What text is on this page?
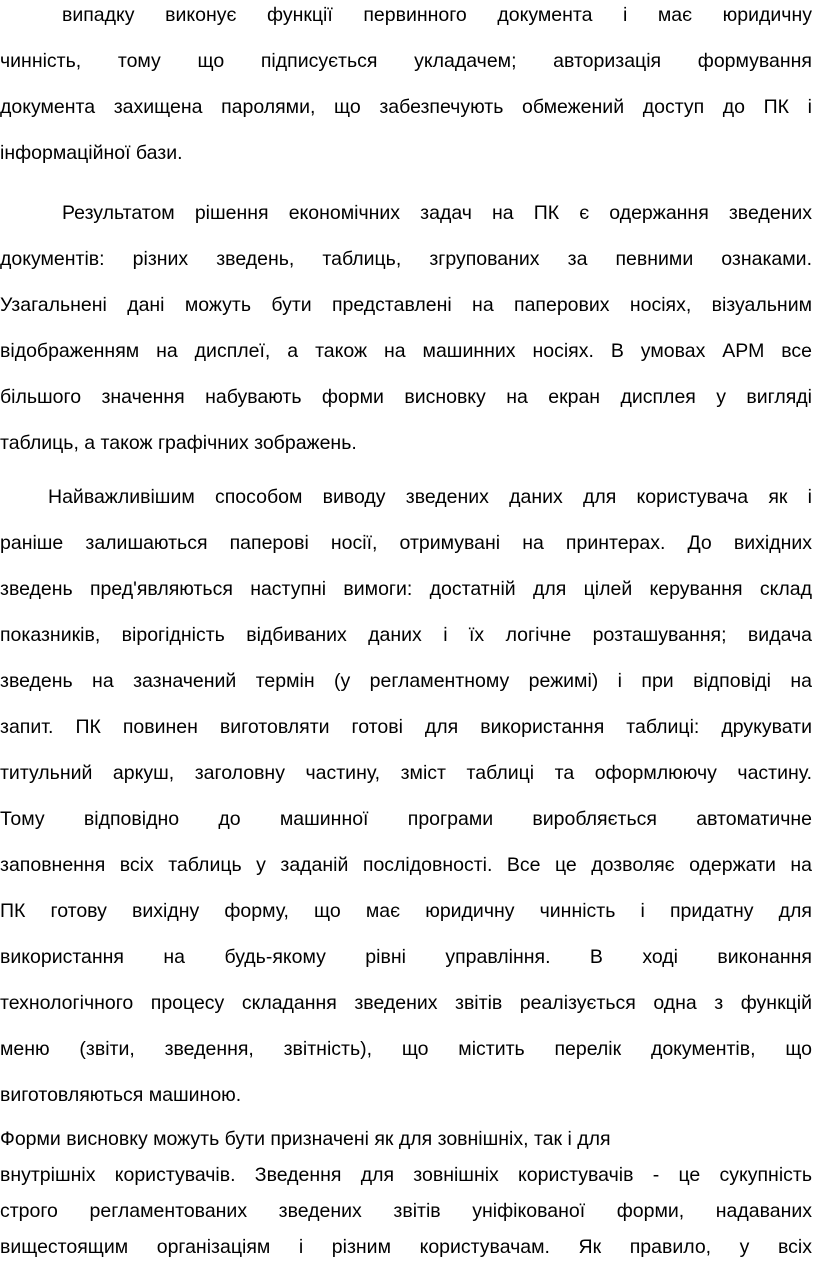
випадку виконує функції первинного документа і має юридичну
чинність, тому що підписується укладачем; авторизація формування
документа захищена паролями, що забезпечують обмежений доступ до ПК і
інформаційної бази.
Результатом рішення економічних задач на ПК є одержання зведених
документів: різних зведень, таблиць, згрупованих за певними ознаками.
Узагальнені дані можуть бути представлені на паперових носіях, візуальним
відображенням на дисплеї, а також на машинних носіях. В умовах АРМ все
більшого значення набувають форми висновку на екран дисплея у вигляді
таблиць, а також графічних зображень.
Найважливішим способом виводу зведених даних для користувача як і
раніше залишаються паперові носії, отримувані на принтерах. До вихідних
зведень пред'являються наступні вимоги: достатній для цілей керування склад
показників, вірогідність відбиваних даних і їх логічне розташування; видача
зведень на зазначений термін (у регламентному режимі) і при відповіді на
запит. ПК повинен виготовляти готові для використання таблиці: друкувати
титульний аркуш, заголовну частину, зміст таблиці та оформлюючу частину.
Тому відповідно до машинної програми виробляється автоматичне
заповнення всіх таблиць у заданій послідовності. Все це дозволяє одержати на
ПК готову вихідну форму, що має юридичну чинність і придатну для
використання на будь-якому рівні управління. В ході виконання
технологічного процесу складання зведених звітів реалізується одна з функцій
меню (звіти, зведення, звітність), що містить перелік документів, що
виготовляються машиною.
Форми висновку можуть бути призначені як для зовнішніх, так і для
внутрішніх користувачів. Зведення для зовнішніх користувачів - це сукупність
строго регламентованих зведених звітів уніфікованої форми, надаваних
вищестоящим організаціям і різним користувачам. Як правило, у всіх
